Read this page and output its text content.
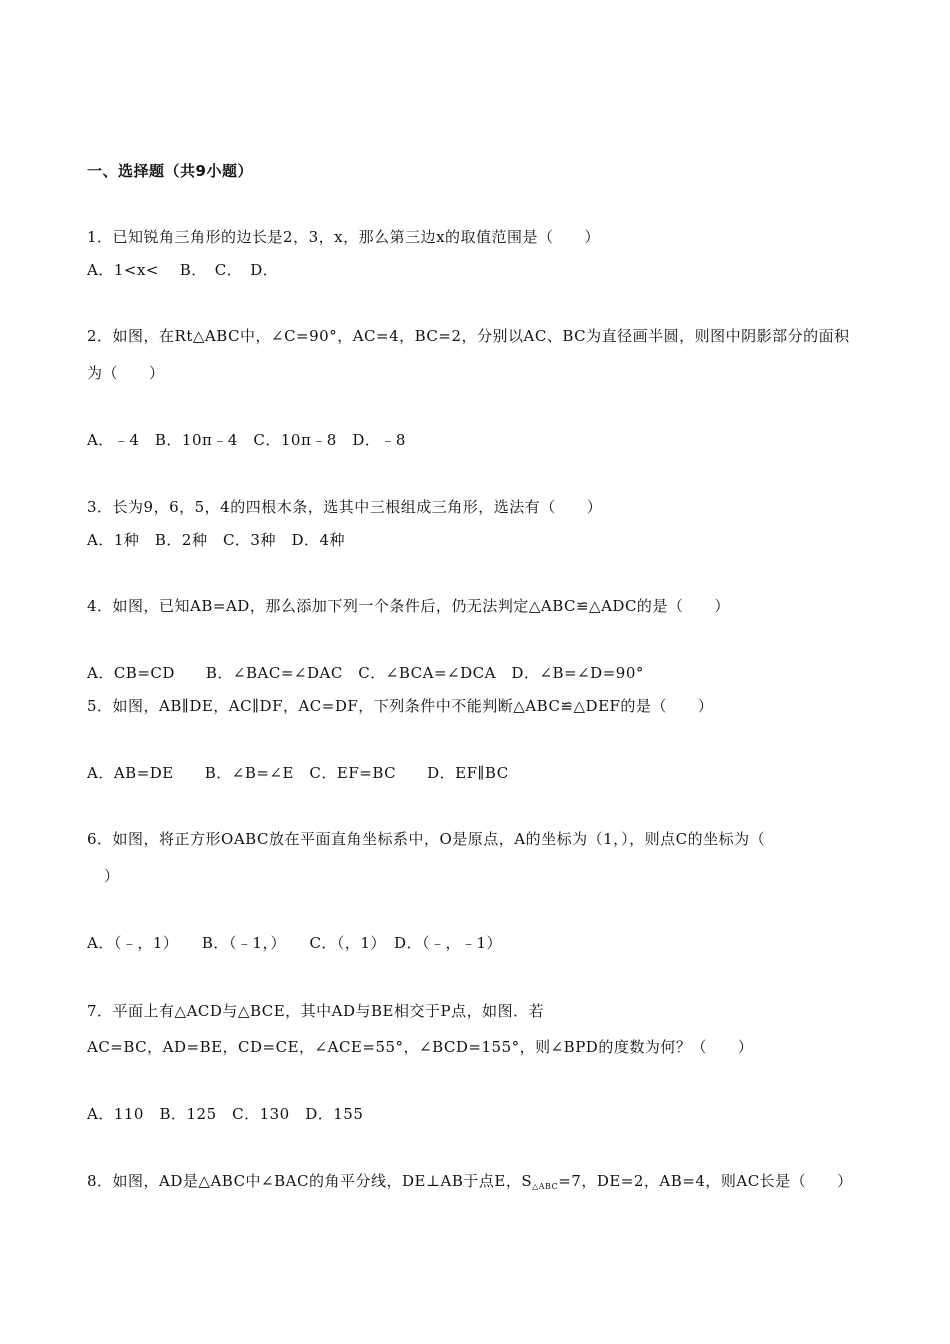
一、选择题（共9小题）
1．已知锐角三角形的边长是2，3，x，那么第三边x的取值范围是（　　）
A．1<x<　 B．　C．　D．
2．如图，在Rt△ABC中，∠C=90°，AC=4，BC=2，分别以AC、BC为直径画半圆，则图中阴影部分的面积
为（　　）
A．﹣4　B．10π﹣4　C．10π﹣8　D．﹣8
3．长为9，6，5，4的四根木条，选其中三根组成三角形，选法有（　　）
A．1种　B．2种　C．3种　D．4种
4．如图，已知AB=AD，那么添加下列一个条件后，仍无法判定△ABC≌△ADC的是（　　）
A．CB=CD　　B．∠BAC=∠DAC　C．∠BCA=∠DCA　D．∠B=∠D=90°
5．如图，AB∥DE，AC∥DF，AC=DF，下列条件中不能判断△ABC≌△DEF的是（　　）
A．AB=DE　　B．∠B=∠E　C．EF=BC　　D．EF∥BC
6．如图，将正方形OABC放在平面直角坐标系中，O是原点，A的坐标为（1，），则点C的坐标为（
）
A．（﹣，1）　　B．（﹣1，）　　C．（，1）　D．（﹣，﹣1）
7．平面上有△ACD与△BCE，其中AD与BE相交于P点，如图．若
AC=BC，AD=BE，CD=CE，∠ACE=55°，∠BCD=155°，则∠BPD的度数为何？（　　）
A．110　B．125　C．130　D．155
8．如图，AD是△ABC中∠BAC的角平分线，DE⊥AB于点E，$S_{\triangle ABC}=7$，DE=2，AB=4，则AC长是（　　）
